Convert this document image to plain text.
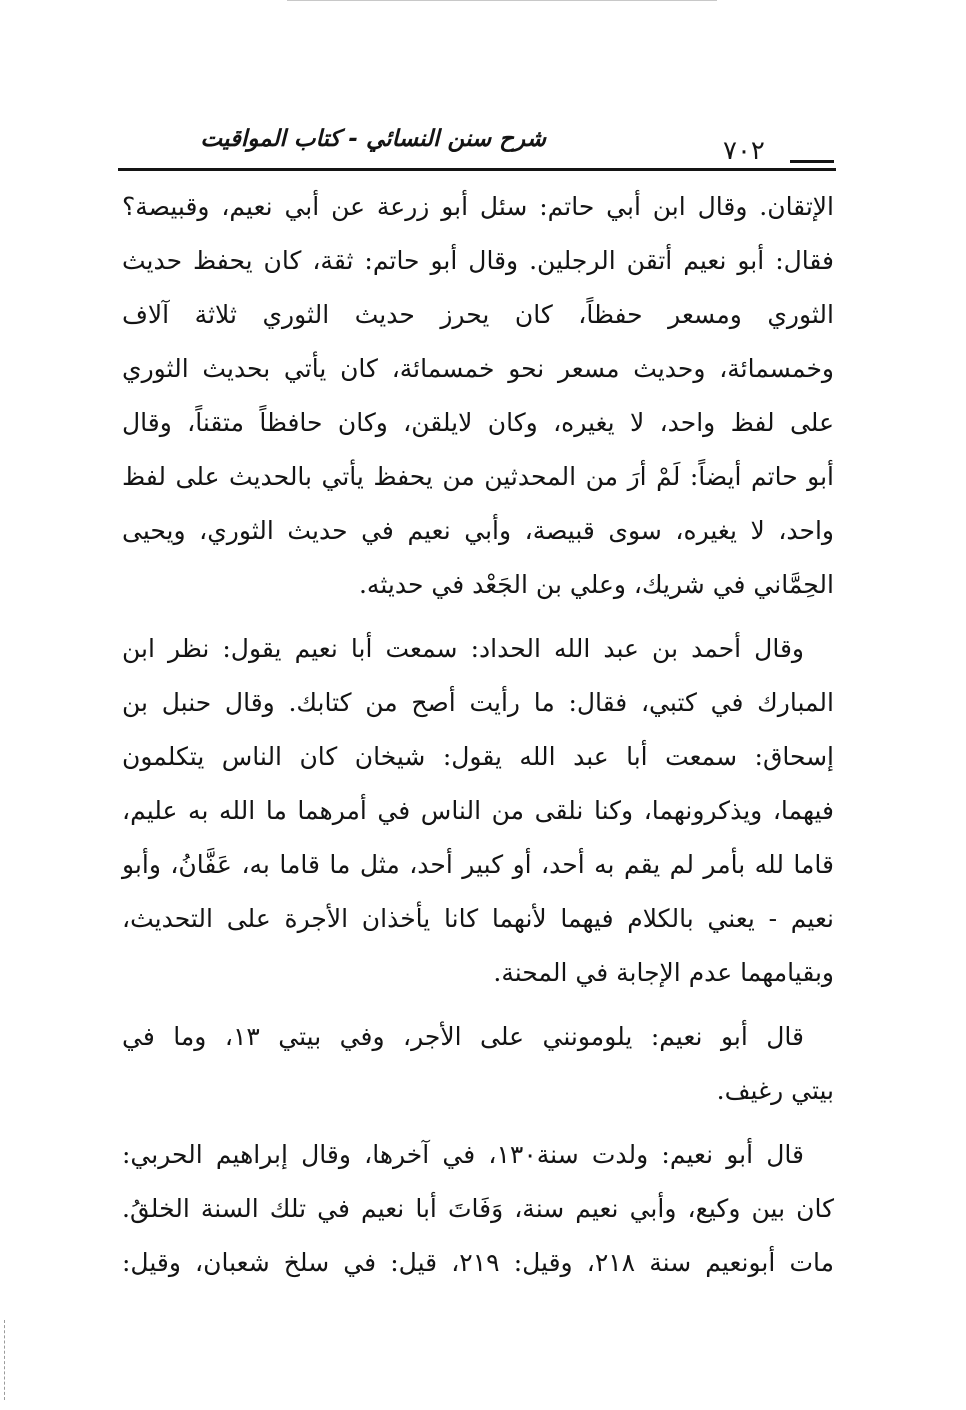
شرح سنن النسائي - كتاب المواقيت	٧٠٢
الإتقان. وقال ابن أبي حاتم: سئل أبو زرعة عن أبي نعيم، وقبيصة؟
فقال: أبو نعيم أتقن الرجلين. وقال أبو حاتم: ثقة، كان يحفظ حديث
الثوري ومسعر حفظاً، كان يحرز حديث الثوري ثلاثة آلاف
وخمسمائة، وحديث مسعر نحو خمسمائة، كان يأتي بحديث الثوري
على لفظ واحد، لا يغيره، وكان لايلقن، وكان حافظاً متقناً، وقال
أبو حاتم أيضاً: لَمْ أرَ من المحدثين من يحفظ يأتي بالحديث على لفظ
واحد، لا يغيره، سوى قبيصة، وأبي نعيم في حديث الثوري، ويحيى
الحِمَّاني في شريك، وعلي بن الجَعْد في حديثه.
وقال أحمد بن عبد الله الحداد: سمعت أبا نعيم يقول: نظر ابن
المبارك في كتبي، فقال: ما رأيت أصح من كتابك. وقال حنبل بن
إسحاق: سمعت أبا عبد الله يقول: شيخان كان الناس يتكلمون
فيهما، ويذكرونهما، وكنا نلقى من الناس في أمرهما ما الله به عليم،
قاما لله بأمر لم يقم به أحد، أو كبير أحد، مثل ما قاما به، عَفَّانُ، وأبو
نعيم - يعني بالكلام فيهما لأنهما كانا يأخذان الأجرة على التحديث،
وبقيامهما عدم الإجابة في المحنة.
قال أبو نعيم: يلومونني على الأجر، وفي بيتي ١٣، وما في
بيتي رغيف.
قال أبو نعيم: ولدت سنة١٣٠، في آخرها، وقال إبراهيم الحربي:
كان بين وكيع، وأبي نعيم سنة، وَفَاتَ أبا نعيم في تلك السنة الخلقُ.
مات أبونعيم سنة ٢١٨، وقيل: ٢١٩، قيل: في سلخ شعبان، وقيل:
